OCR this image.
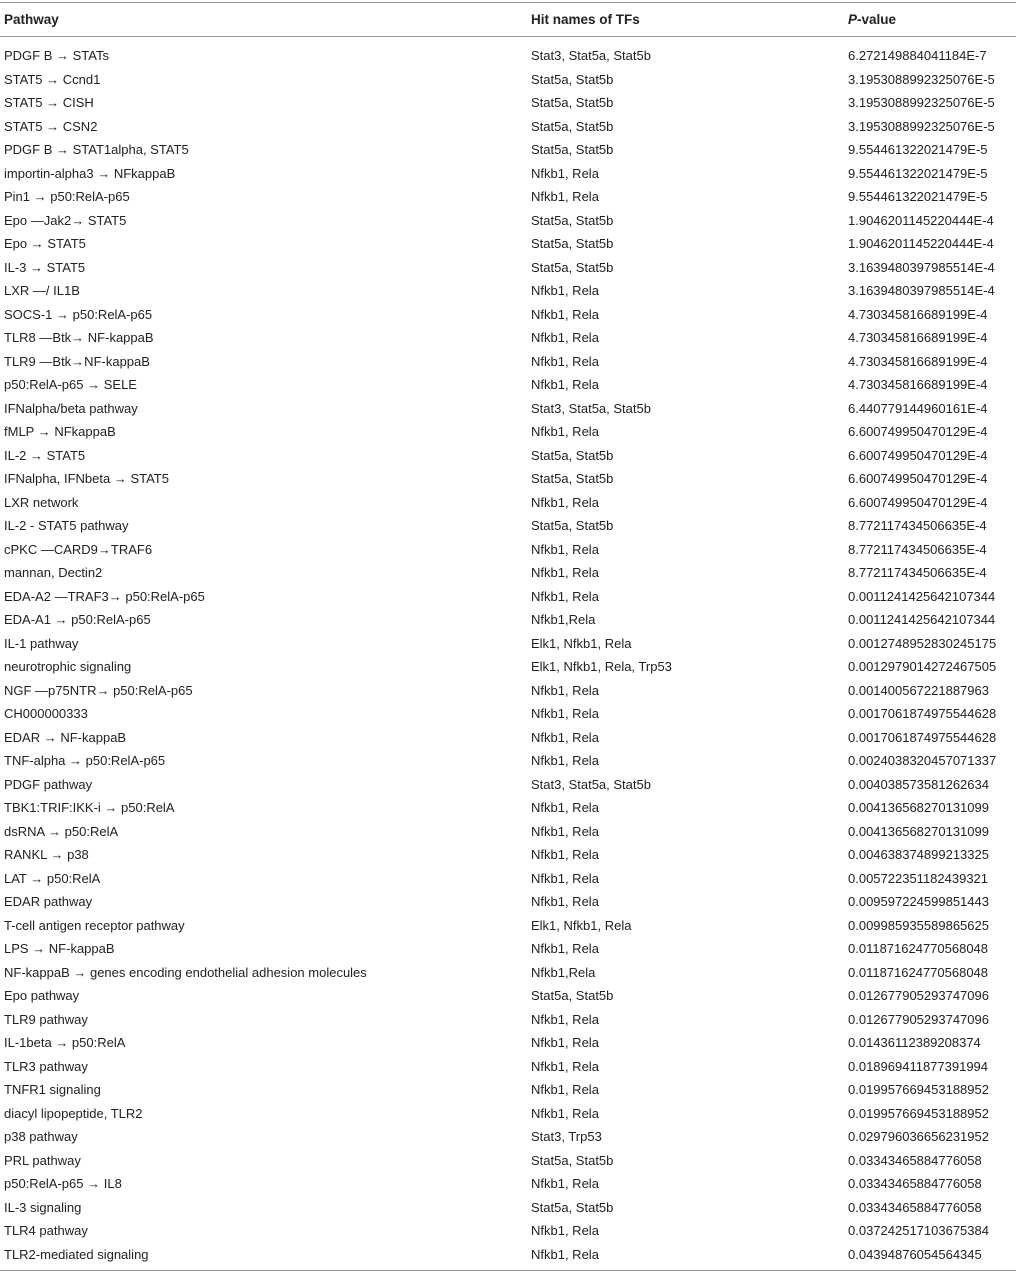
Pathway	Hit names of TFs	P-value
PDGF B → STATs	Stat3, Stat5a, Stat5b	6.272149884041184E-7
STAT5 → Ccnd1	Stat5a, Stat5b	3.1953088992325076E-5
STAT5 → CISH	Stat5a, Stat5b	3.1953088992325076E-5
STAT5 → CSN2	Stat5a, Stat5b	3.1953088992325076E-5
PDGF B → STAT1alpha, STAT5	Stat5a, Stat5b	9.554461322021479E-5
importin-alpha3 → NFkappaB	Nfkb1, Rela	9.554461322021479E-5
Pin1 → p50:RelA-p65	Nfkb1, Rela	9.554461322021479E-5
Epo —Jak2→ STAT5	Stat5a, Stat5b	1.9046201145220444E-4
Epo → STAT5	Stat5a, Stat5b	1.9046201145220444E-4
IL-3 → STAT5	Stat5a, Stat5b	3.1639480397985514E-4
LXR —/ IL1B	Nfkb1, Rela	3.1639480397985514E-4
SOCS-1 → p50:RelA-p65	Nfkb1, Rela	4.730345816689199E-4
TLR8 —Btk→ NF-kappaB	Nfkb1, Rela	4.730345816689199E-4
TLR9 —Btk→NF-kappaB	Nfkb1, Rela	4.730345816689199E-4
p50:RelA-p65 → SELE	Nfkb1, Rela	4.730345816689199E-4
IFNalpha/beta pathway	Stat3, Stat5a, Stat5b	6.440779144960161E-4
fMLP → NFkappaB	Nfkb1, Rela	6.600749950470129E-4
IL-2 → STAT5	Stat5a, Stat5b	6.600749950470129E-4
IFNalpha, IFNbeta → STAT5	Stat5a, Stat5b	6.600749950470129E-4
LXR network	Nfkb1, Rela	6.600749950470129E-4
IL-2 - STAT5 pathway	Stat5a, Stat5b	8.772117434506635E-4
cPKC —CARD9→TRAF6	Nfkb1, Rela	8.772117434506635E-4
mannan, Dectin2	Nfkb1, Rela	8.772117434506635E-4
EDA-A2 —TRAF3→ p50:RelA-p65	Nfkb1, Rela	0.0011241425642107344
EDA-A1 → p50:RelA-p65	Nfkb1,Rela	0.0011241425642107344
IL-1 pathway	Elk1, Nfkb1, Rela	0.0012748952830245175
neurotrophic signaling	Elk1, Nfkb1, Rela, Trp53	0.0012979014272467505
NGF —p75NTR→ p50:RelA-p65	Nfkb1, Rela	0.001400567221887963
CH000000333	Nfkb1, Rela	0.0017061874975544628
EDAR → NF-kappaB	Nfkb1, Rela	0.0017061874975544628
TNF-alpha → p50:RelA-p65	Nfkb1, Rela	0.0024038320457071337
PDGF pathway	Stat3, Stat5a, Stat5b	0.004038573581262634
TBK1:TRIF:IKK-i → p50:RelA	Nfkb1, Rela	0.004136568270131099
dsRNA → p50:RelA	Nfkb1, Rela	0.004136568270131099
RANKL → p38	Nfkb1, Rela	0.004638374899213325
LAT → p50:RelA	Nfkb1, Rela	0.005722351182439321
EDAR pathway	Nfkb1, Rela	0.009597224599851443
T-cell antigen receptor pathway	Elk1, Nfkb1, Rela	0.009985935589865625
LPS → NF-kappaB	Nfkb1, Rela	0.011871624770568048
NF-kappaB → genes encoding endothelial adhesion molecules	Nfkb1,Rela	0.011871624770568048
Epo pathway	Stat5a, Stat5b	0.012677905293747096
TLR9 pathway	Nfkb1, Rela	0.012677905293747096
IL-1beta → p50:RelA	Nfkb1, Rela	0.01436112389208374
TLR3 pathway	Nfkb1, Rela	0.018969411877391994
TNFR1 signaling	Nfkb1, Rela	0.019957669453188952
diacyl lipopeptide, TLR2	Nfkb1, Rela	0.019957669453188952
p38 pathway	Stat3, Trp53	0.029796036656231952
PRL pathway	Stat5a, Stat5b	0.03343465884776058
p50:RelA-p65 → IL8	Nfkb1, Rela	0.03343465884776058
IL-3 signaling	Stat5a, Stat5b	0.03343465884776058
TLR4 pathway	Nfkb1, Rela	0.037242517103675384
TLR2-mediated signaling	Nfkb1, Rela	0.04394876054564345
